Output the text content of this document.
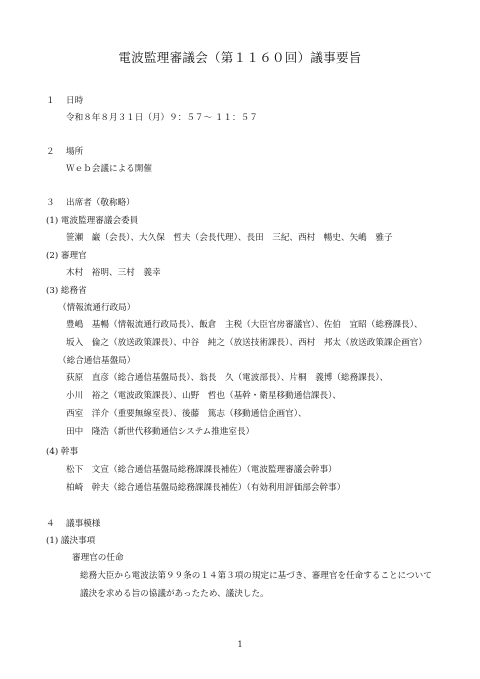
電波監理審議会（第１１６０回）議事要旨
１ 日時
令和８年８月３１日（月）９：５７～ １１：５７
２ 場所
Ｗｅｂ会議による開催
３ 出席者（敬称略）
(1) 電波監理審議会委員
笹瀬　巌（会長）、大久保　哲夫（会長代理）、長田　三紀、西村　暢史、矢嶋　雅子
(2) 審理官
木村　裕明、三村　義幸
(3) 総務省
（情報流通行政局）
豊嶋　基暢（情報流通行政局長）、飯倉　主税（大臣官房審議官）、佐伯　宜昭（総務課長）、
坂入　倫之（放送政策課長）、中谷　純之（放送技術課長）、西村　邦太（放送政策課企画官）
（総合通信基盤局）
荻原　直彦（総合通信基盤局長）、翁長　久（電波部長）、片桐　義博（総務課長）、
小川　裕之（電波政策課長）、山野　哲也（基幹・衛星移動通信課長）、
西室　洋介（重要無線室長）、後藤　篤志（移動通信企画官）、
田中　隆浩（新世代移動通信システム推進室長）
(4) 幹事
松下　文宣（総合通信基盤局総務課課長補佐）（電波監理審議会幹事）
柏崎　幹夫（総合通信基盤局総務課課長補佐）（有効利用評価部会幹事）
４ 議事模様
(1) 議決事項
審理官の任命
総務大臣から電波法第９９条の１４第３項の規定に基づき、審理官を任命することについて
議決を求める旨の協議があったため、議決した。
1
